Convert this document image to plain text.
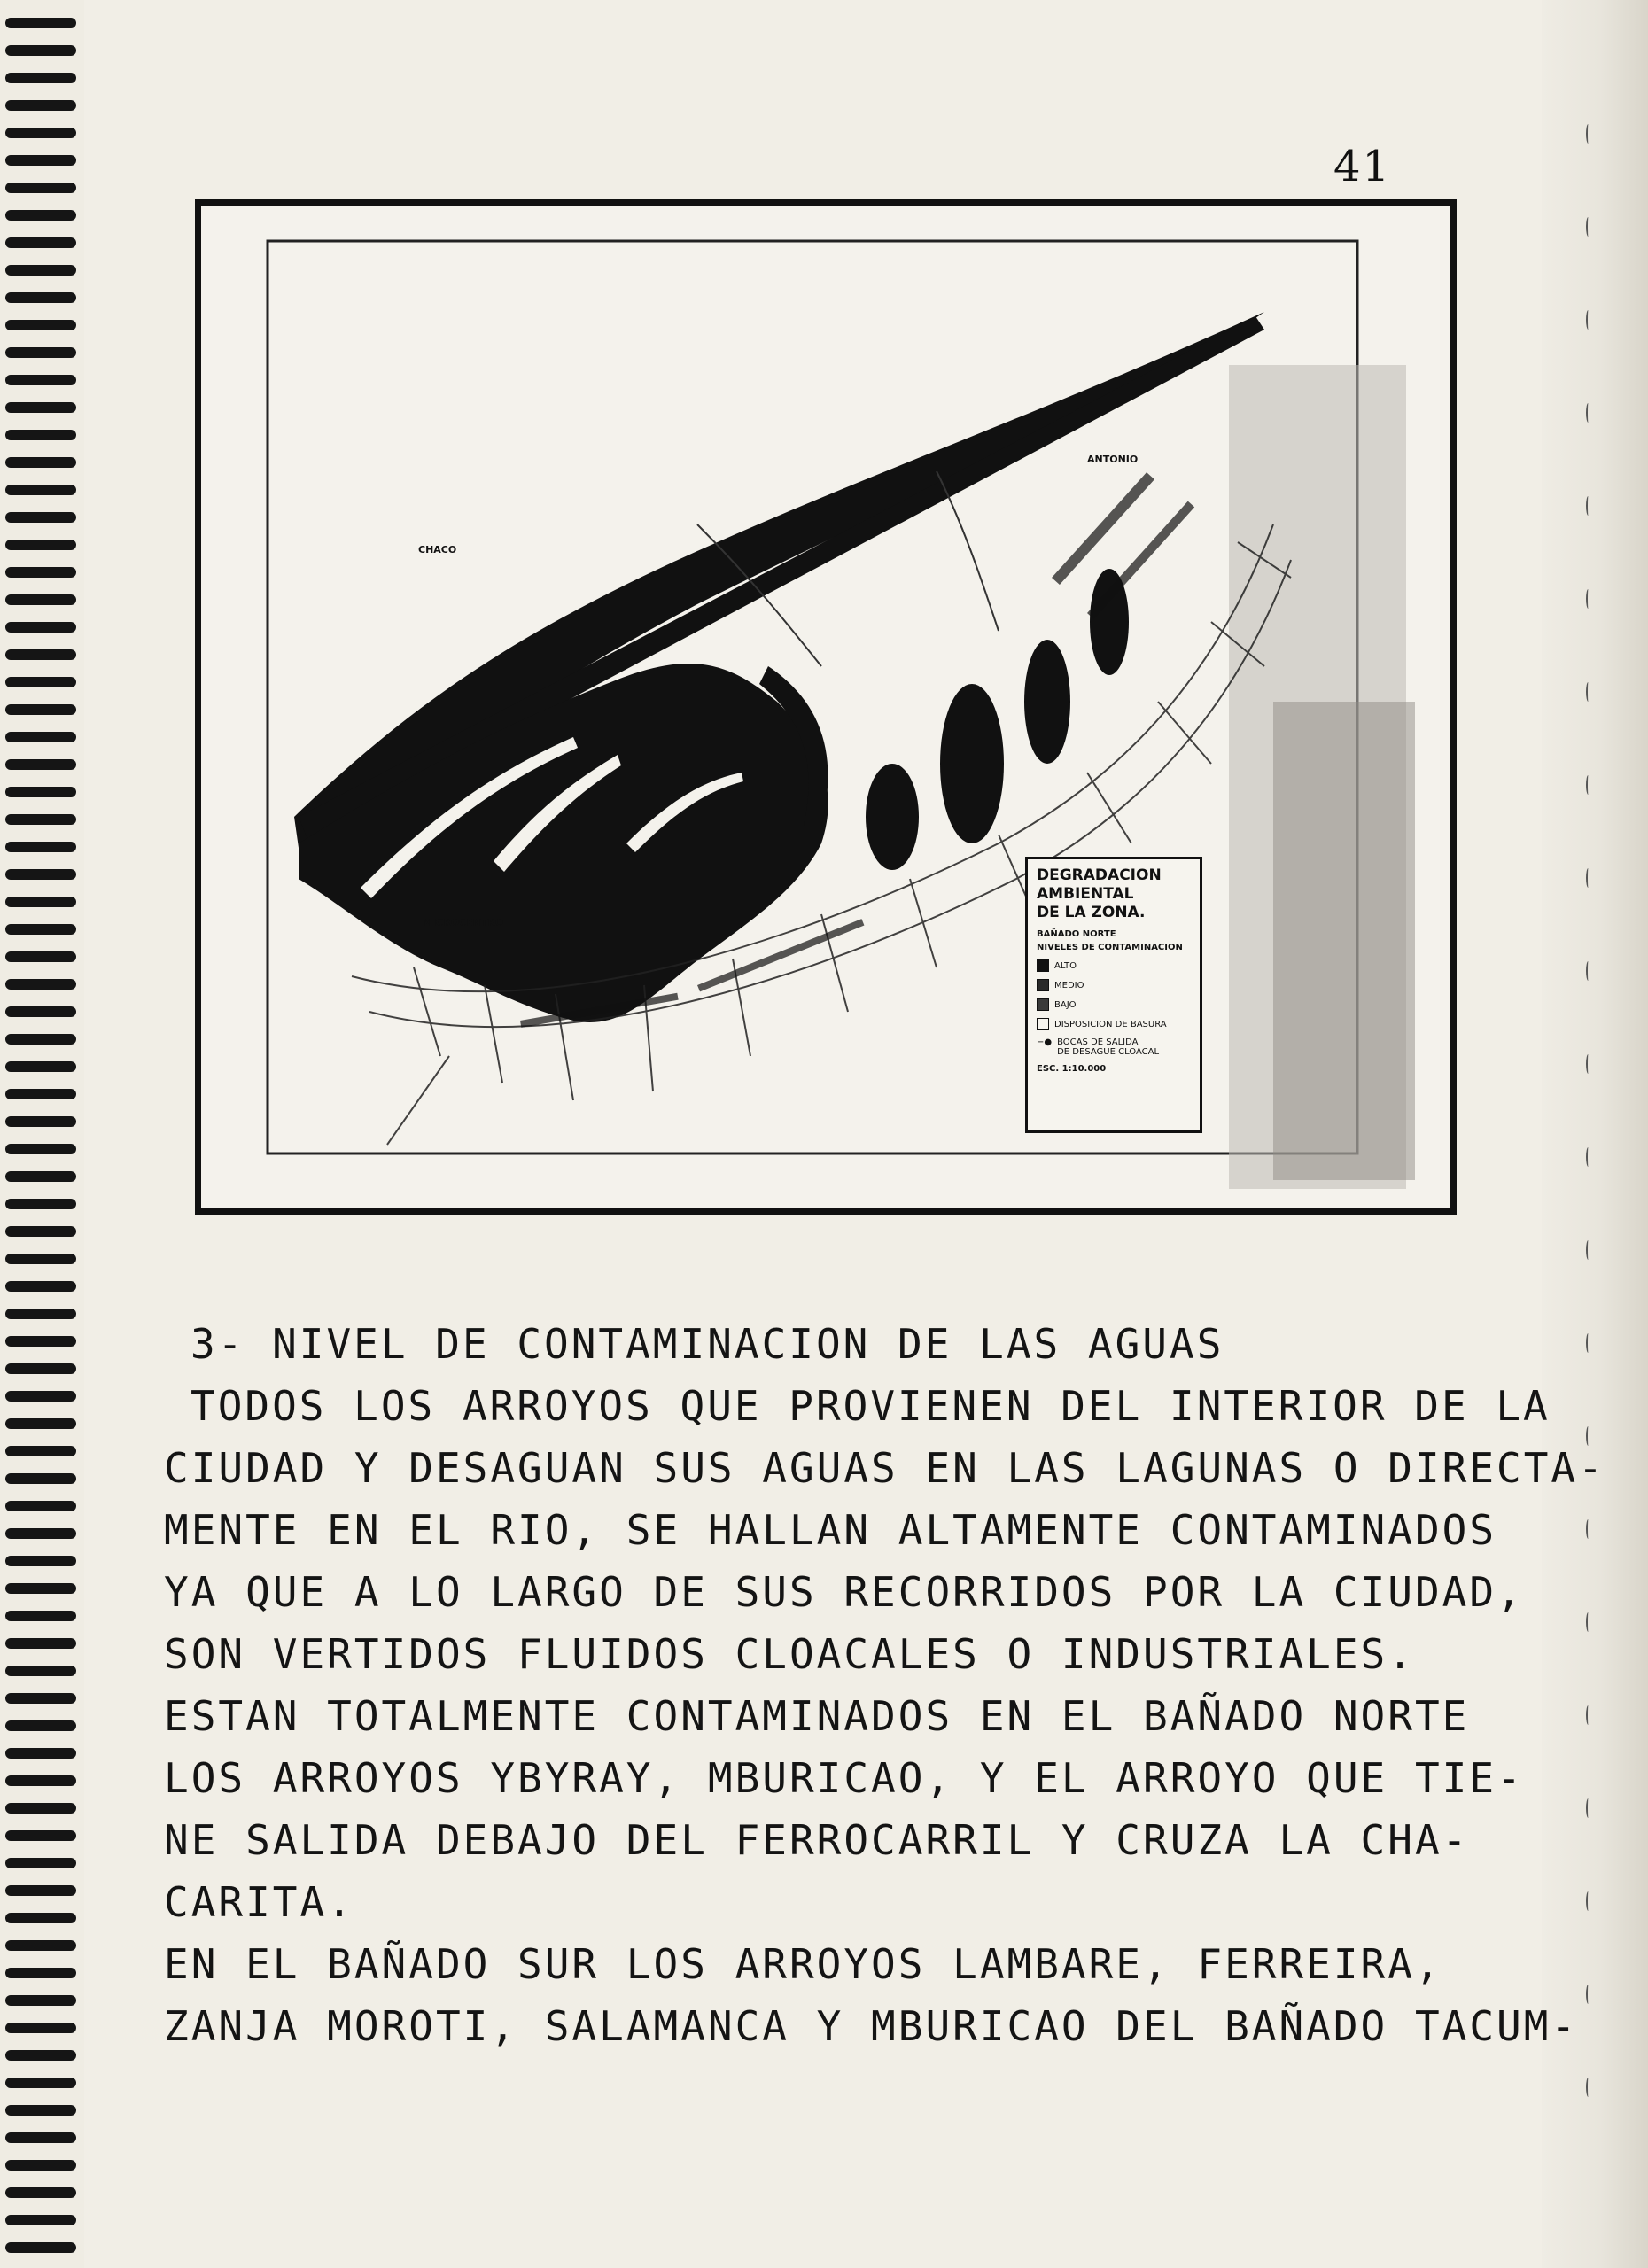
41
CHACO
MICROCENTRO
ANTONIO
DEGRADACION
AMBIENTAL
DE LA ZONA.
BAÑADO NORTE
NIVELES DE CONTAMINACION
ALTO
MEDIO
BAJO
DISPOSICION DE BASURA
−● BOCAS DE SALIDA
DE DESAGUE CLOACAL
ESC. 1:10.000
3- NIVEL DE CONTAMINACION DE LAS AGUAS
TODOS LOS ARROYOS QUE PROVIENEN DEL INTERIOR DE LA
CIUDAD Y DESAGUAN SUS AGUAS EN LAS LAGUNAS O DIRECTA-
MENTE EN EL RIO, SE HALLAN ALTAMENTE CONTAMINADOS
YA QUE A LO LARGO DE SUS RECORRIDOS POR LA CIUDAD,
SON VERTIDOS FLUIDOS CLOACALES O INDUSTRIALES.
ESTAN TOTALMENTE CONTAMINADOS EN EL BAÑADO NORTE
LOS ARROYOS YBYRAY, MBURICAO, Y EL ARROYO QUE TIE-
NE SALIDA DEBAJO DEL FERROCARRIL Y CRUZA LA CHA-
CARITA.
EN EL BAÑADO SUR LOS ARROYOS LAMBARE, FERREIRA,
ZANJA MOROTI, SALAMANCA Y MBURICAO DEL BAÑADO TACUM-
